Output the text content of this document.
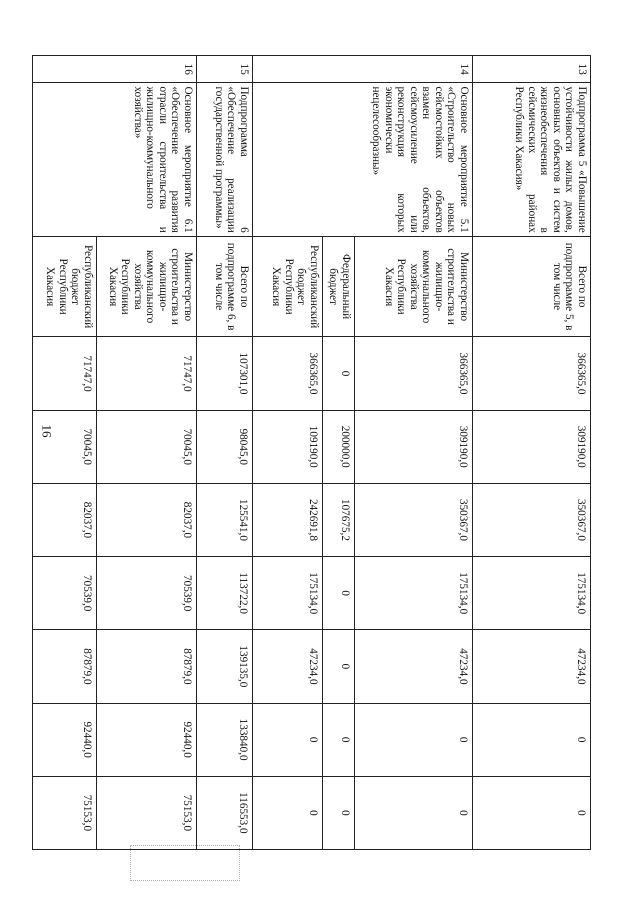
16
13	Подпрограмма 5 «Повышение устойчивости жилых домов, основных объектов и систем жизнеобеспечения в сейсмических районах Республики Хакасия»	Всего по подпрограмме 5, в том числе	366365,0	309190,0	350367,0	175134,0	47234,0	0	0
14	Основное мероприятие 5.1 «Строительство новых сейсмостойких объектов взамен объектов, сейсмоусиление или реконструкция которых экономически нецелесообразны»	Министерство строительства и жилищно-коммунального хозяйства Республики Хакасия	366365,0	309190,0	350367,0	175134,0	47234,0	0	0
		Федеральный бюджет	0	200000,0	107675,2	0	0	0	0
		Республиканский бюджет Республики Хакасия	366365,0	109190,0	242691,8	175134,0	47234,0	0	0
15	Подпрограмма 6 «Обеспечение реализации государственной программы»	Всего по подпрограмме 6, в том числе	107301,0	98045,0	125541,0	113722,0	139135,0	133840,0	116553,0
16	Основное мероприятие 6.1 «Обеспечение развития отрасли строительства и жилищно-коммунального хозяйства»	Министерство строительства и жилищно-коммунального хозяйства Республики Хакасия	71747,0	70045,0	82037,0	70539,0	87879,0	92440,0	75153,0
		Республиканский бюджет Республики Хакасия	71747,0	70045,0	82037,0	70539,0	87879,0	92440,0	75153,0
